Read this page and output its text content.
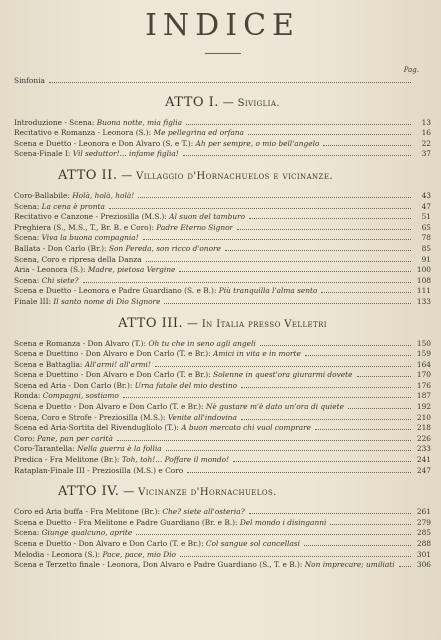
INDICE
Pag.
Sinfonia
ATTO I. — Siviglia.
Introduzione - Scena: Buona notte, mia figlia	13
Recitativo e Romanza - Leonora (S.): Me pellegrina ed orfana	16
Scena e Duetto - Leonora e Don Alvaro (S. e T.): Ah per sempre, o mio bell'angelo	22
Scena-Finale I: Vil seduttor!... infame figlia!	37
ATTO II. — Villaggio d'Hornachuelos e vicinanze.
Coro-Ballabile: Holà, holà, holà!	43
Scena: La cena è pronta	47
Recitativo e Canzone - Preziosilla (M.S.): Al suon del tamburo	51
Preghiera (S., M.S., T., Br. B. e Coro): Padre Eterno Signor	65
Scena: Viva la buona compagnia!	78
Ballata - Don Carlo (Br.): Son Pereda, son ricco d'onore	85
Scena, Coro e ripresa della Danza	91
Aria - Leonora (S.): Madre, pietosa Vergine	100
Scena: Chi siete?	108
Scena e Duetto - Leonora e Padre Guardiano (S. e B.): Più tranquilla l'alma sento	111
Finale III: Il santo nome di Dio Signore	133
ATTO III. — In Italia presso Velletri
Scena e Romanza - Don Alvaro (T.): Oh tu che in seno agli angeli	150
Scena e Duettino - Don Alvaro e Don Carlo (T. e Br.): Amici in vita e in morte	159
Scena e Battaglia: All'armi! all'armi!	164
Scena e Duettino - Don Alvaro e Don Carlo (T. e Br.): Solenne in quest'ora giurarmi dovete	170
Scena ed Aria - Don Carlo (Br.): Urna fatale del mio destino	176
Ronda: Compagni, sostiamo	187
Scena e Duetto - Don Alvaro e Don Carlo (T. e Br.): Nè gustare m'è dato un'ora di quiete	192
Scena, Coro e Strofe - Preziosilla (M.S.): Venite all'indovina	210
Scena ed Aria-Sortita del Rivendugliolo (T.): A buon mercato chi vuol comprare	218
Coro: Pane, pan per carità	226
Coro-Tarantella: Nella guerra è la follia	233
Predica - Fra Melitone (Br.): Toh, toh!... Poffare il mondo!	241
Rataplan-Finale III - Preziosilla (M.S.) e Coro	247
ATTO IV. — Vicinanze d'Hornachuelos.
Coro ed Aria buffa - Fra Melitone (Br.): Che? siete all'osteria?	261
Scena e Duetto - Fra Melitone e Padre Guardiano (Br. e B.): Del mondo i disinganni	279
Scena: Giunge qualcuno, aprite	285
Scena e Duetto - Don Alvaro e Don Carlo (T. e Br.): Col sangue sol cancellasi	288
Melodia - Leonora (S.): Pace, pace, mio Dio	301
Scena e Terzetto finale - Leonora, Don Alvaro e Padre Guardiano (S., T. e B.): Non imprecare; umiliati	306
